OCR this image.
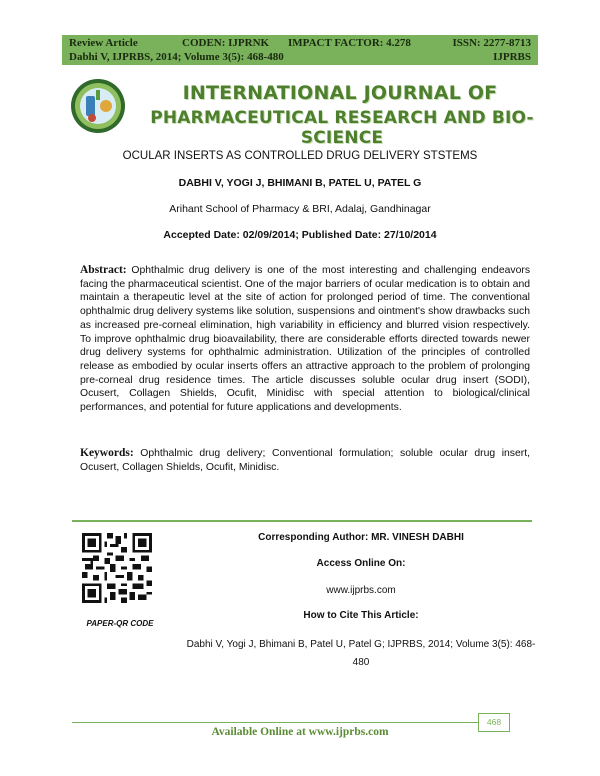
Review Article	CODEN: IJPRNK IMPACT FACTOR: 4.278	ISSN: 2277-8713
Dabhi V, IJPRBS, 2014; Volume 3(5): 468-480	IJPRBS
INTERNATIONAL JOURNAL OF
PHARMACEUTICAL RESEARCH AND BIO-SCIENCE
OCULAR INSERTS AS CONTROLLED DRUG DELIVERY STSTEMS
DABHI V, YOGI J, BHIMANI B, PATEL U, PATEL G
Arihant School of Pharmacy & BRI, Adalaj, Gandhinagar
Accepted Date: 02/09/2014; Published Date: 27/10/2014
Abstract: Ophthalmic drug delivery is one of the most interesting and challenging endeavors facing the pharmaceutical scientist. One of the major barriers of ocular medication is to obtain and maintain a therapeutic level at the site of action for prolonged period of time. The conventional ophthalmic drug delivery systems like solution, suspensions and ointment's show drawbacks such as increased pre-corneal elimination, high variability in efficiency and blurred vision respectively. To improve ophthalmic drug bioavailability, there are considerable efforts directed towards newer drug delivery systems for ophthalmic administration. Utilization of the principles of controlled release as embodied by ocular inserts offers an attractive approach to the problem of prolonging pre-corneal drug residence times. The article discusses soluble ocular drug insert (SODI), Ocusert, Collagen Shields, Ocufit, Minidisc with special attention to biological/clinical performances, and potential for future applications and developments.
Keywords: Ophthalmic drug delivery; Conventional formulation; soluble ocular drug insert, Ocusert, Collagen Shields, Ocufit, Minidisc.
PAPER-QR CODE
Corresponding Author: MR. VINESH DABHI
Access Online On:
www.ijprbs.com
How to Cite This Article:
Dabhi V, Yogi J, Bhimani B, Patel U, Patel G; IJPRBS, 2014; Volume 3(5): 468-480
468
Available Online at www.ijprbs.com
